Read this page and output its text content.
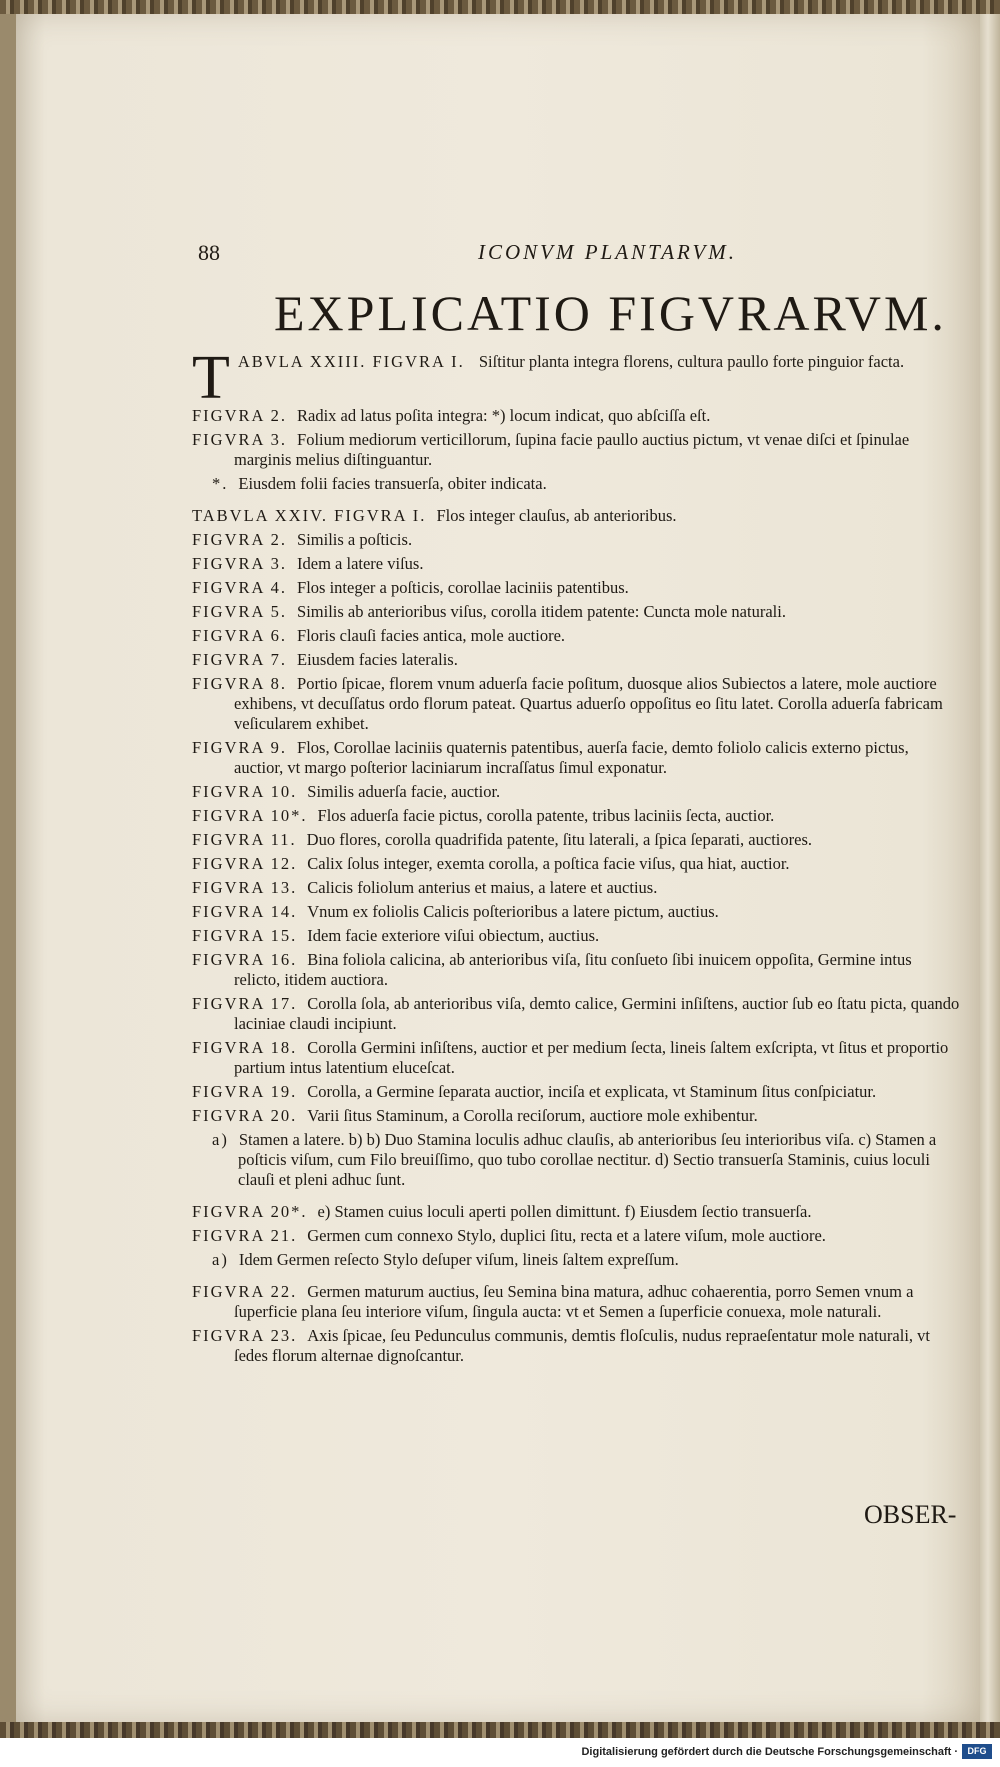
88	ICONVM PLANTARVM.
EXPLICATIO FIGVRARVM.
T ABVLA XXIII. FIGVRA I. Siſtitur planta integra florens, cultura paullo forte pinguior facta.
FIGVRA 2. Radix ad latus poſita integra: *) locum indicat, quo abſciſſa eſt.
FIGVRA 3. Folium mediorum verticillorum, ſupina facie paullo auctius pictum, vt venae diſci et ſpinulae marginis melius diſtinguantur.
*. Eiusdem folii facies transuerſa, obiter indicata.
TABVLA XXIV. FIGVRA I. Flos integer clauſus, ab anterioribus.
FIGVRA 2. Similis a poſticis.
FIGVRA 3. Idem a latere viſus.
FIGVRA 4. Flos integer a poſticis, corollae laciniis patentibus.
FIGVRA 5. Similis ab anterioribus viſus, corolla itidem patente: Cuncta mole naturali.
FIGVRA 6. Floris clauſi facies antica, mole auctiore.
FIGVRA 7. Eiusdem facies lateralis.
FIGVRA 8. Portio ſpicae, florem vnum aduerſa facie poſitum, duosque alios Subiectos a latere, mole auctiore exhibens, vt decuſſatus ordo florum pateat. Quartus aduerſo oppoſitus eo ſitu latet. Corolla aduerſa fabricam veſicularem exhibet.
FIGVRA 9. Flos, Corollae laciniis quaternis patentibus, auerſa facie, demto foliolo calicis externo pictus, auctior, vt margo poſterior laciniarum incraſſatus ſimul exponatur.
FIGVRA 10. Similis aduerſa facie, auctior.
FIGVRA 10*. Flos aduerſa facie pictus, corolla patente, tribus laciniis ſecta, auctior.
FIGVRA 11. Duo flores, corolla quadrifida patente, ſitu laterali, a ſpica ſeparati, auctiores.
FIGVRA 12. Calix ſolus integer, exemta corolla, a poſtica facie viſus, qua hiat, auctior.
FIGVRA 13. Calicis foliolum anterius et maius, a latere et auctius.
FIGVRA 14. Vnum ex foliolis Calicis poſterioribus a latere pictum, auctius.
FIGVRA 15. Idem facie exteriore viſui obiectum, auctius.
FIGVRA 16. Bina foliola calicina, ab anterioribus viſa, ſitu conſueto ſibi inuicem oppoſita, Germine intus relicto, itidem auctiora.
FIGVRA 17. Corolla ſola, ab anterioribus viſa, demto calice, Germini inſiſtens, auctior ſub eo ſtatu picta, quando laciniae claudi incipiunt.
FIGVRA 18. Corolla Germini inſiſtens, auctior et per medium ſecta, lineis ſaltem exſcripta, vt ſitus et proportio partium intus latentium eluceſcat.
FIGVRA 19. Corolla, a Germine ſeparata auctior, inciſa et explicata, vt Staminum ſitus conſpiciatur.
FIGVRA 20. Varii ſitus Staminum, a Corolla reciſorum, auctiore mole exhibentur.
a) Stamen a latere. b) b) Duo Stamina loculis adhuc clauſis, ab anterioribus ſeu interioribus viſa. c) Stamen a poſticis viſum, cum Filo breuiſſimo, quo tubo corollae nectitur. d) Sectio transuerſa Staminis, cuius loculi clauſi et pleni adhuc ſunt.
FIGVRA 20*. e) Stamen cuius loculi aperti pollen dimittunt. f) Eiusdem ſectio transuerſa.
FIGVRA 21. Germen cum connexo Stylo, duplici ſitu, recta et a latere viſum, mole auctiore.
a) Idem Germen reſecto Stylo deſuper viſum, lineis ſaltem expreſſum.
FIGVRA 22. Germen maturum auctius, ſeu Semina bina matura, adhuc cohaerentia, porro Semen vnum a ſuperficie plana ſeu interiore viſum, ſingula aucta: vt et Semen a ſuperficie conuexa, mole naturali.
FIGVRA 23. Axis ſpicae, ſeu Pedunculus communis, demtis floſculis, nudus repraeſentatur mole naturali, vt ſedes florum alternae dignoſcantur.
OBSER-
Digitalisierung gefördert durch die Deutsche Forschungsgemeinschaft ·	DFG
